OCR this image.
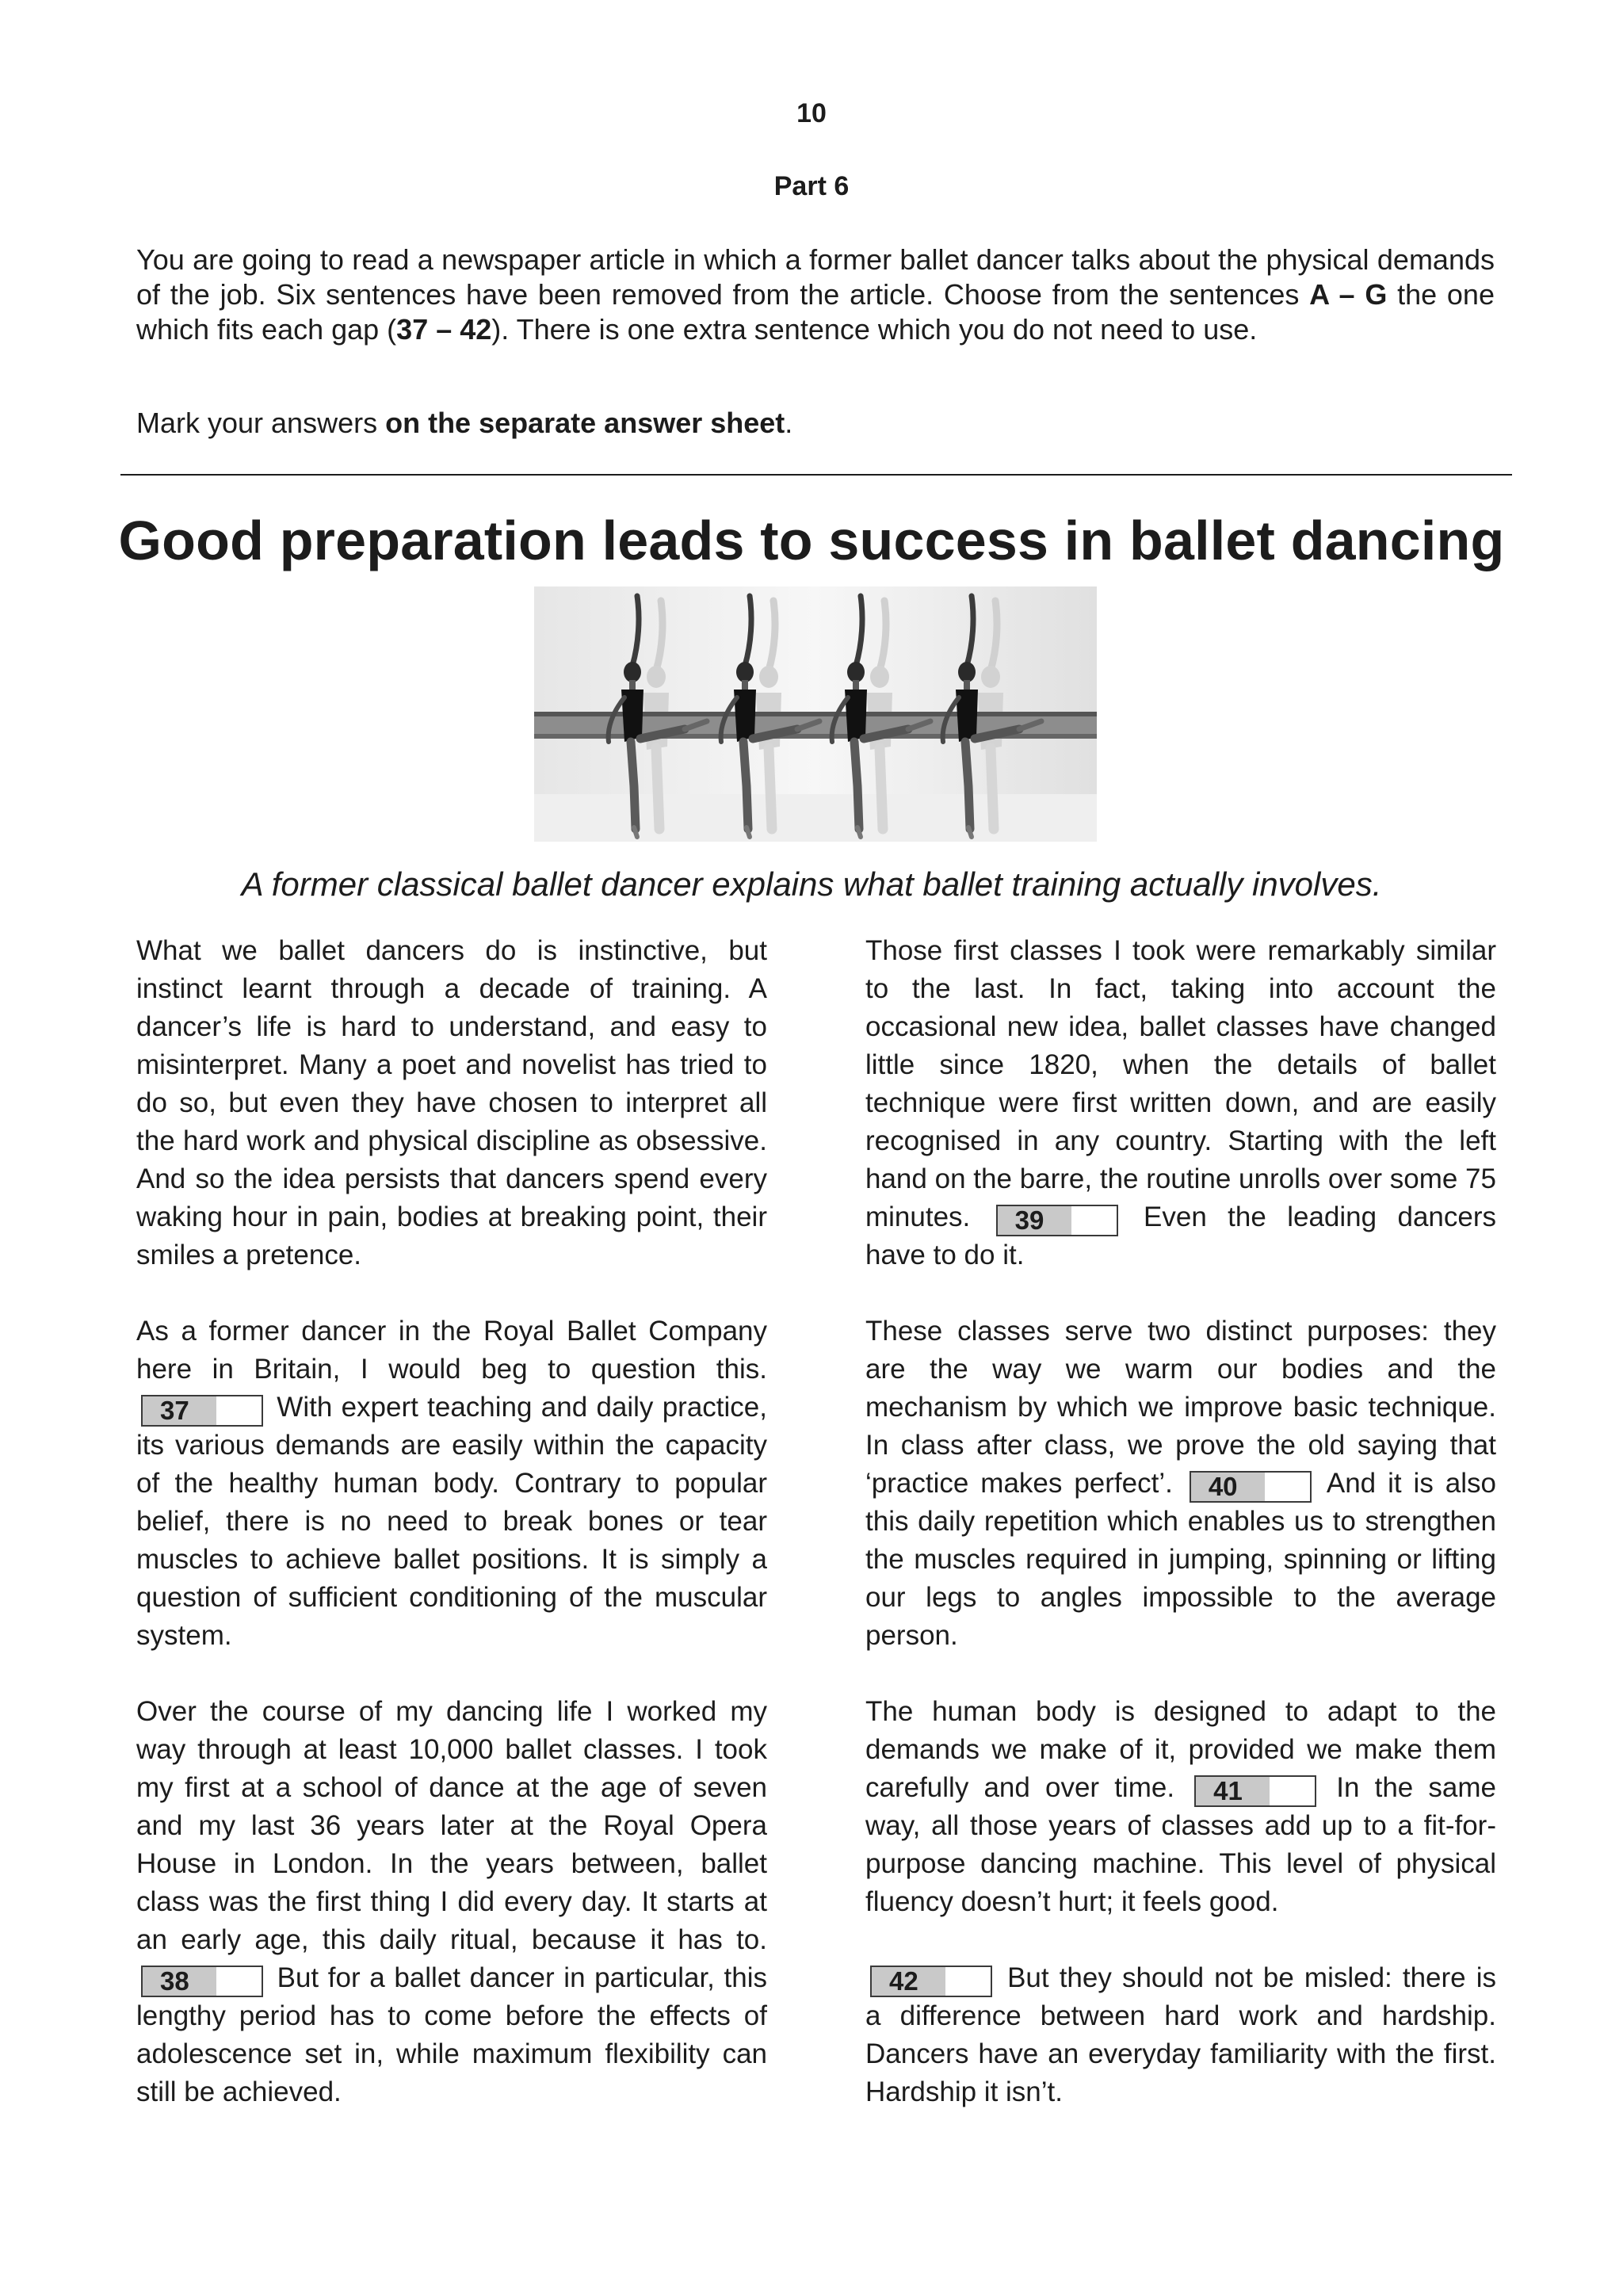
10
Part 6

You are going to read a newspaper article in which a former ballet dancer talks about the physical demands of the job. Six sentences have been removed from the article. Choose from the sentences A – G the one which fits each gap (37 – 42). There is one extra sentence which you do not need to use.

Mark your answers on the separate answer sheet.

Good preparation leads to success in ballet dancing

A former classical ballet dancer explains what ballet training actually involves.

What we ballet dancers do is instinctive, but instinct learnt through a decade of training. A dancer’s life is hard to understand, and easy to misinterpret. Many a poet and novelist has tried to do so, but even they have chosen to interpret all the hard work and physical discipline as obsessive. And so the idea persists that dancers spend every waking hour in pain, bodies at breaking point, their smiles a pretence.

As a former dancer in the Royal Ballet Company here in Britain, I would beg to question this. 37	With expert teaching and daily practice, its various demands are easily within the capacity of the healthy human body. Contrary to popular belief, there is no need to break bones or tear muscles to achieve ballet positions. It is simply a question of sufficient conditioning of the muscular system.

Over the course of my dancing life I worked my way through at least 10,000 ballet classes. I took my first at a school of dance at the age of seven and my last 36 years later at the Royal Opera House in London. In the years between, ballet class was the first thing I did every day. It starts at an early age, this daily ritual, because it has to. 38	But for a ballet dancer in particular, this lengthy period has to come before the effects of adolescence set in, while maximum flexibility can still be achieved.

Those first classes I took were remarkably similar to the last. In fact, taking into account the occasional new idea, ballet classes have changed little since 1820, when the details of ballet technique were first written down, and are easily recognised in any country. Starting with the left hand on the barre, the routine unrolls over some 75 minutes. 39	Even the leading dancers have to do it.

These classes serve two distinct purposes: they are the way we warm our bodies and the mechanism by which we improve basic technique. In class after class, we prove the old saying that ‘practice makes perfect’. 40	And it is also this daily repetition which enables us to strengthen the muscles required in jumping, spinning or lifting our legs to angles impossible to the average person.

The human body is designed to adapt to the demands we make of it, provided we make them carefully and over time. 41	In the same way, all those years of classes add up to a fit-for-purpose dancing machine. This level of physical fluency doesn’t hurt; it feels good.

42	But they should not be misled: there is a difference between hard work and hardship. Dancers have an everyday familiarity with the first. Hardship it isn’t.
